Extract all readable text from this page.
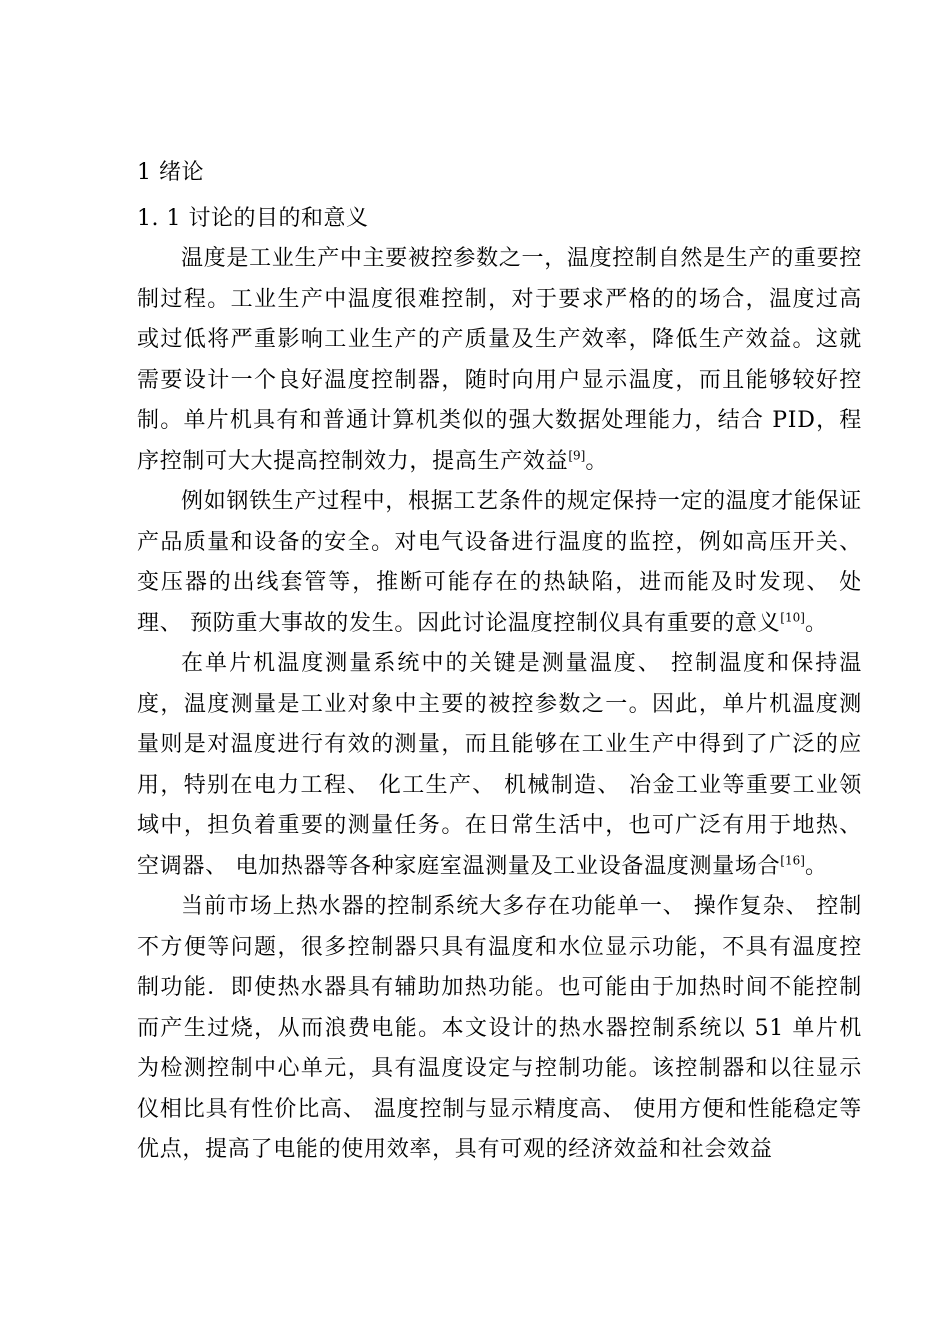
1 绪论
1. 1 讨论的目的和意义

温度是工业生产中主要被控参数之一，温度控制自然是生产的重要控制过程。工业生产中温度很难控制，对于要求严格的的场合，温度过高或过低将严重影响工业生产的产质量及生产效率，降低生产效益。这就需要设计一个良好温度控制器，随时向用户显示温度，而且能够较好控制。单片机具有和普通计算机类似的强大数据处理能力，结合 PID，程序控制可大大提高控制效力，提高生产效益[9]。

例如钢铁生产过程中，根据工艺条件的规定保持一定的温度才能保证产品质量和设备的安全。对电气设备进行温度的监控，例如高压开关、 变压器的出线套管等，推断可能存在的热缺陷，进而能及时发现、 处理、 预防重大事故的发生。因此讨论温度控制仪具有重要的意义[10]。

在单片机温度测量系统中的关键是测量温度、 控制温度和保持温度，温度测量是工业对象中主要的被控参数之一。因此，单片机温度测量则是对温度进行有效的测量，而且能够在工业生产中得到了广泛的应用，特别在电力工程、 化工生产、 机械制造、 冶金工业等重要工业领域中，担负着重要的测量任务。在日常生活中，也可广泛有用于地热、 空调器、 电加热器等各种家庭室温测量及工业设备温度测量场合[16]。

当前市场上热水器的控制系统大多存在功能单一、 操作复杂、 控制不方便等问题，很多控制器只具有温度和水位显示功能，不具有温度控制功能．即使热水器具有辅助加热功能。也可能由于加热时间不能控制而产生过烧，从而浪费电能。本文设计的热水器控制系统以 51 单片机为检测控制中心单元，具有温度设定与控制功能。该控制器和以往显示仪相比具有性价比高、 温度控制与显示精度高、 使用方便和性能稳定等优点，提高了电能的使用效率，具有可观的经济效益和社会效益
